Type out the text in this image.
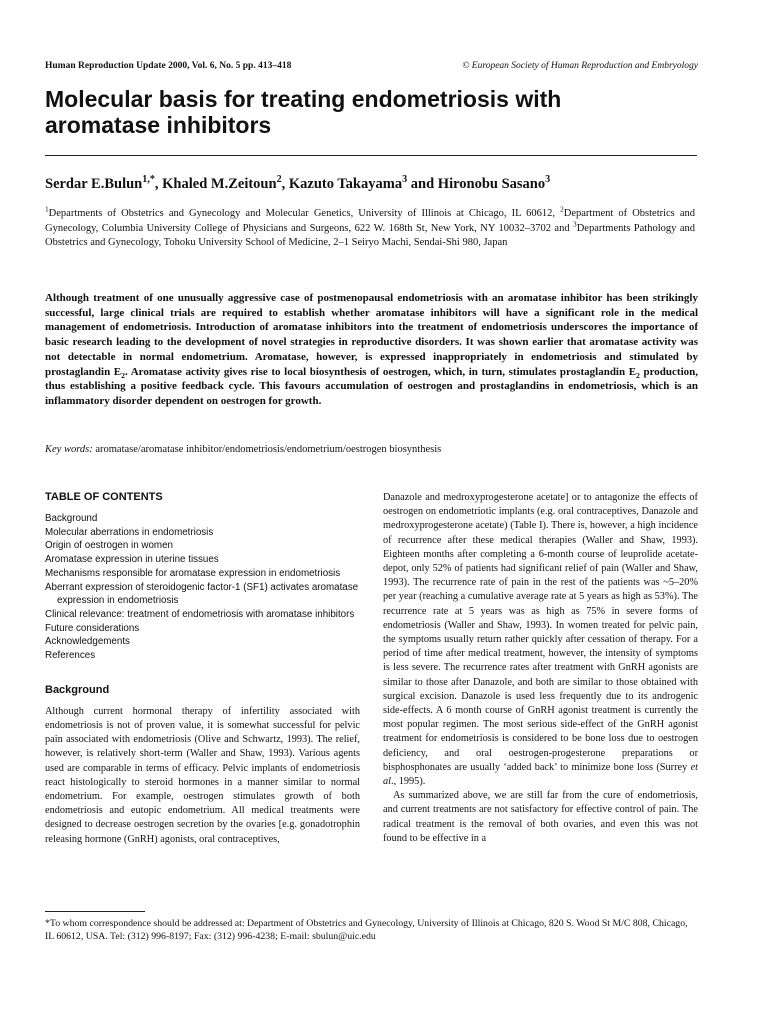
Human Reproduction Update 2000, Vol. 6, No. 5 pp. 413–418	© European Society of Human Reproduction and Embryology
Molecular basis for treating endometriosis with
aromatase inhibitors
Serdar E.Bulun$^{1,*}$, Khaled M.Zeitoun$^2$, Kazuto Takayama$^3$ and Hironobu Sasano$^3$
$^1$Departments of Obstetrics and Gynecology and Molecular Genetics, University of Illinois at Chicago, IL 60612, $^2$Department of Obstetrics and Gynecology, Columbia University College of Physicians and Surgeons, 622 W. 168th St, New York, NY 10032–3702 and $^3$Departments Pathology and Obstetrics and Gynecology, Tohoku University School of Medicine, 2–1 Seiryo Machi, Sendai-Shi 980, Japan
Although treatment of one unusually aggressive case of postmenopausal endometriosis with an aromatase inhibitor has been strikingly successful, large clinical trials are required to establish whether aromatase inhibitors will have a significant role in the medical management of endometriosis. Introduction of aromatase inhibitors into the treatment of endometriosis underscores the importance of basic research leading to the development of novel strategies in reproductive disorders. It was shown earlier that aromatase activity was not detectable in normal endometrium. Aromatase, however, is expressed inappropriately in endometriosis and stimulated by prostaglandin $E_2$. Aromatase activity gives rise to local biosynthesis of oestrogen, which, in turn, stimulates prostaglandin $E_2$ production, thus establishing a positive feedback cycle. This favours accumulation of oestrogen and prostaglandins in endometriosis, which is an inflammatory disorder dependent on oestrogen for growth.
Key words: aromatase/aromatase inhibitor/endometriosis/endometrium/oestrogen biosynthesis
TABLE OF CONTENTS
Background
Molecular aberrations in endometriosis
Origin of oestrogen in women
Aromatase expression in uterine tissues
Mechanisms responsible for aromatase expression in endometriosis
Aberrant expression of steroidogenic factor-1 (SF1) activates aromatase expression in endometriosis
Clinical relevance: treatment of endometriosis with aromatase inhibitors
Future considerations
Acknowledgements
References
Background

Although current hormonal therapy of infertility associated with endometriosis is not of proven value, it is somewhat successful for pelvic pain associated with endometriosis (Olive and Schwartz, 1993). The relief, however, is relatively short-term (Waller and Shaw, 1993). Various agents used are comparable in terms of efficacy. Pelvic implants of endometriosis react histologically to steroid hormones in a manner similar to normal endometrium. For example, oestrogen stimulates growth of both endometriosis and eutopic endometrium. All medical treatments were designed to decrease oestrogen secretion by the ovaries [e.g. gonadotrophin releasing hormone (GnRH) agonists, oral contraceptives,

Danazole and medroxyprogesterone acetate] or to antagonize the effects of oestrogen on endometriotic implants (e.g. oral contraceptives, Danazole and medroxyprogesterone acetate) (Table I). There is, however, a high incidence of recurrence after these medical therapies (Waller and Shaw, 1993). Eighteen months after completing a 6-month course of leuprolide acetate-depot, only 52% of patients had significant relief of pain (Waller and Shaw, 1993). The recurrence rate of pain in the rest of the patients was ~5–20% per year (reaching a cumulative average rate at 5 years as high as 53%). The recurrence rate at 5 years was as high as 75% in severe forms of endometriosis (Waller and Shaw, 1993). In women treated for pelvic pain, the symptoms usually return rather quickly after cessation of therapy. For a period of time after medical treatment, however, the intensity of symptoms is less severe. The recurrence rates after treatment with GnRH agonists are similar to those after Danazole, and both are similar to those obtained with surgical excision. Danazole is used less frequently due to its androgenic side-effects. A 6 month course of GnRH agonist treatment is currently the most popular regimen. The most serious side-effect of the GnRH agonist treatment for endometriosis is considered to be bone loss due to oestrogen deficiency, and oral oestrogen-progesterone preparations or bisphosphonates are usually ‘added back’ to minimize bone loss (Surrey et al., 1995).

As summarized above, we are still far from the cure of endometriosis, and current treatments are not satisfactory for effective control of pain. The radical treatment is the removal of both ovaries, and even this was not found to be effective in a

*To whom correspondence should be addressed at: Department of Obstetrics and Gynecology, University of Illinois at Chicago, 820 S. Wood St M/C 808, Chicago, IL 60612, USA. Tel: (312) 996-8197; Fax: (312) 996-4238; E-mail: sbulun@uic.edu
